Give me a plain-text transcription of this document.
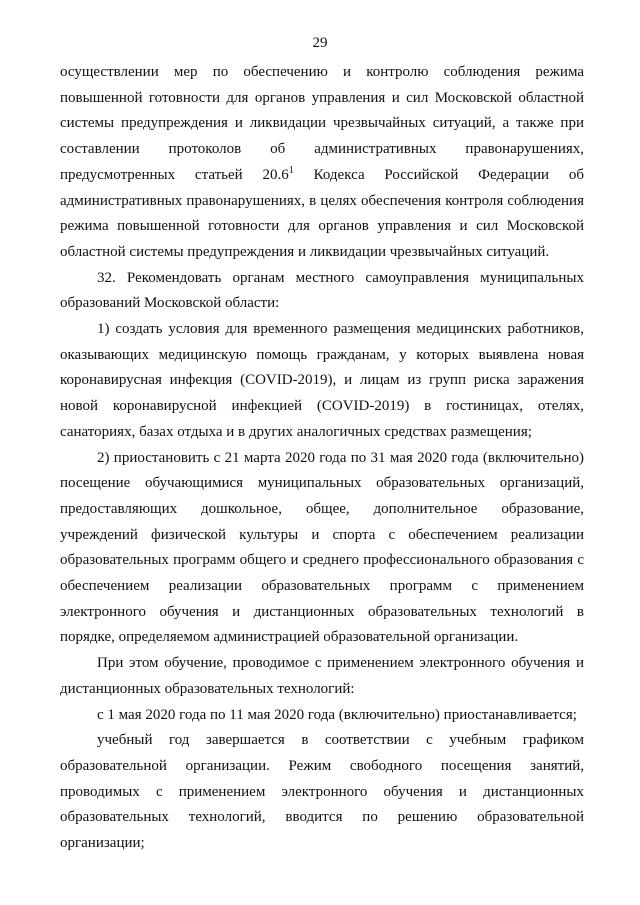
29

осуществлении мер по обеспечению и контролю соблюдения режима повышенной готовности для органов управления и сил Московской областной системы предупреждения и ликвидации чрезвычайных ситуаций, а также при составлении протоколов об административных правонарушениях, предусмотренных статьей 20.6$^1$ Кодекса Российской Федерации об административных правонарушениях, в целях обеспечения контроля соблюдения режима повышенной готовности для органов управления и сил Московской областной системы предупреждения и ликвидации чрезвычайных ситуаций.

32. Рекомендовать органам местного самоуправления муниципальных образований Московской области:

1) создать условия для временного размещения медицинских работников, оказывающих медицинскую помощь гражданам, у которых выявлена новая коронавирусная инфекция (COVID-2019), и лицам из групп риска заражения новой коронавирусной инфекцией (COVID-2019) в гостиницах, отелях, санаториях, базах отдыха и в других аналогичных средствах размещения;

2) приостановить с 21 марта 2020 года по 31 мая 2020 года (включительно) посещение обучающимися муниципальных образовательных организаций, предоставляющих дошкольное, общее, дополнительное образование, учреждений физической культуры и спорта с обеспечением реализации образовательных программ общего и среднего профессионального образования с обеспечением реализации образовательных программ с применением электронного обучения и дистанционных образовательных технологий в порядке, определяемом администрацией образовательной организации.

При этом обучение, проводимое с применением электронного обучения и дистанционных образовательных технологий:

с 1 мая 2020 года по 11 мая 2020 года (включительно) приостанавливается;

учебный год завершается в соответствии с учебным графиком образовательной организации. Режим свободного посещения занятий, проводимых с применением электронного обучения и дистанционных образовательных технологий, вводится по решению образовательной организации;
